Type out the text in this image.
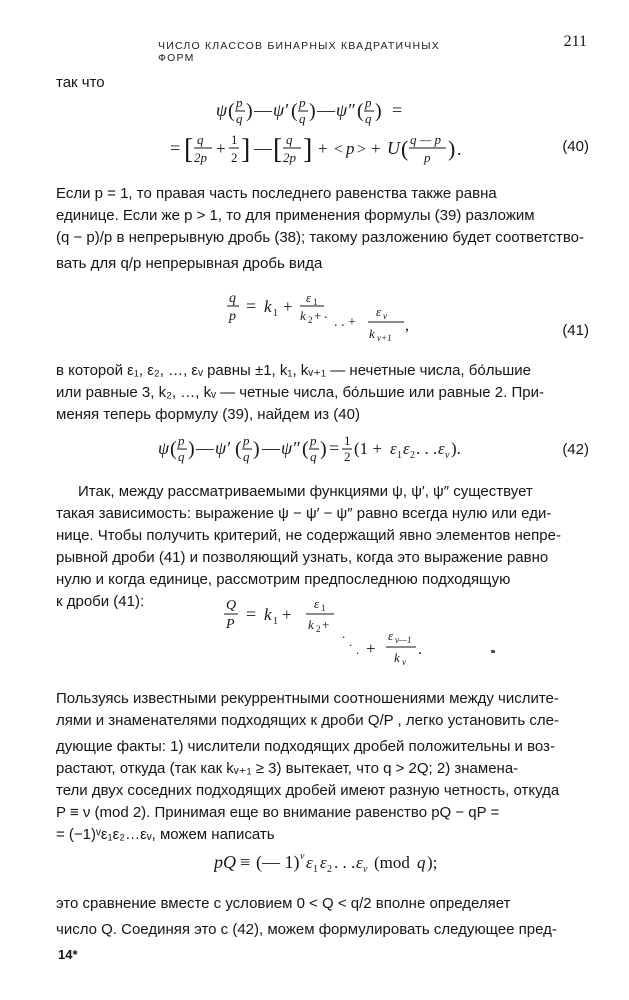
ЧИСЛО КЛАССОВ БИНАРНЫХ КВАДРАТИЧНЫХ ФОРМ
211
так что
ψ ( p
q ) — ψ′ ( p
q ) — ψ″ ( p
q ) =
= [ q
2p + 1
2 ] — [ q
2p ] + < p > + U ( q — p
p ) .	(40)
Если p = 1, то правая часть последнего равенства также равна
единице. Если же p > 1, то для применения формулы (39) разложим
(q − p)/p в непрерывную дробь (38); такому разложению будет соответство-
вать для q/p непрерывная дробь вида
q
p
= k 1 + ε 1
k 2 + .
. . +
ε ν
k ν+1
,	(41)
в которой ε₁, ε₂, …, εᵥ равны ±1, k₁, kᵥ₊₁ — нечетные числа, бо́льшие
или равные 3, k₂, …, kᵥ — четные числа, бо́льшие или равные 2. При-
меняя теперь формулу (39), найдем из (40)
ψ ( p
q ) — ψ′ ( p
q ) — ψ″ ( p
q ) = 1
2 (1 + ε 1 ε 2 . . . ε ν ).	(42)
Итак, между рассматриваемыми функциями ψ, ψ′, ψ″ существует
такая зависимость: выражение ψ − ψ′ − ψ″ равно всегда нулю или еди-
нице. Чтобы получить критерий, не содержащий явно элементов непре-
рывной дроби (41) и позволяющий узнать, когда это выражение равно
нулю и когда единице, рассмотрим предпоследнюю подходящую
к дроби (41):	Q
P
= k 1 +
ε 1
k 2 +
.
.
. +
ε ν—1
k ν
.
Пользуясь известными рекуррентными соотношениями между числите-
лями и знаменателями подходящих к дроби Q/P , легко установить сле-
дующие факты: 1) числители подходящих дробей положительны и воз-
растают, откуда (так как kᵥ₊₁ ≥ 3) вытекает, что q > 2Q; 2) знамена-
тели двух соседних подходящих дробей имеют разную четность, откуда
P ≡ ν (mod 2). Принимая еще во внимание равенство pQ − qP =
= (−1)ᵛε₁ε₂…εᵥ, можем написать
pQ ≡ (— 1) ν ε 1 ε 2 . . . ε ν (mod q );
это сравнение вместе с условием 0 < Q < q/2 вполне определяет
число Q. Соединяя это с (42), можем формулировать следующее пред-
14*
